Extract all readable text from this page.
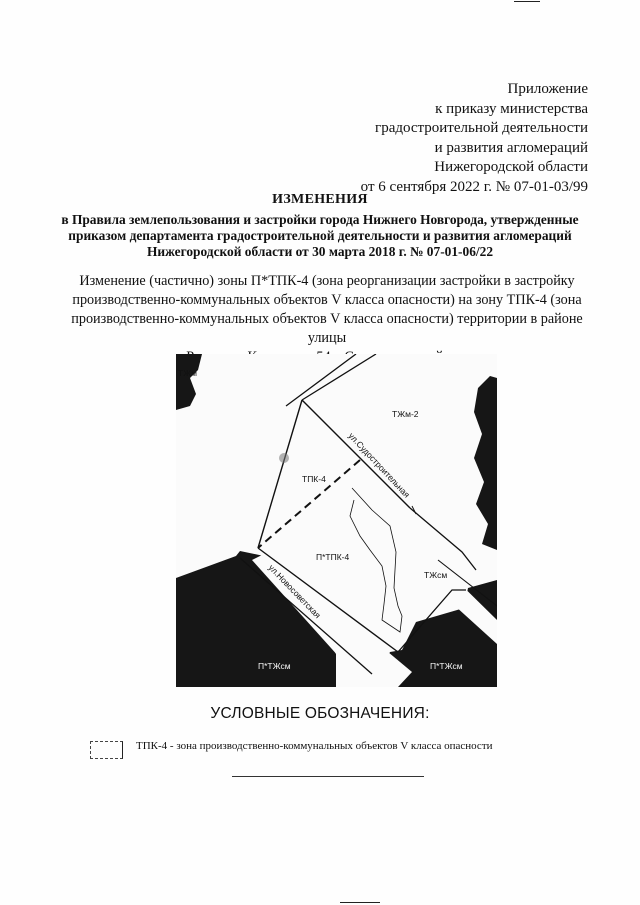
Приложение
к приказу министерства
градостроительной деятельности
и развития агломераций
Нижегородской области
от 6 сентября 2022 г. № 07-01-03/99
ИЗМЕНЕНИЯ
в Правила землепользования и застройки города Нижнего Новгорода, утвержденные
приказом департамента градостроительной деятельности и развития агломераций
Нижегородской области от 30 марта 2018 г. № 07-01-06/22
Изменение (частично) зоны П*ТПК-4 (зона реорганизации застройки в застройку
производственно-коммунальных объектов V класса опасности) на зону ТПК-4 (зона
производственно-коммунальных объектов V класса опасности) территории в районе улицы
ТЖм
ТЖм-2
ул.Судостроительная
ТПК-4
П*ТПК-4
ТЖсм
ул.Новосоветская
П*ТЖсм	П*ТЖсм
УСЛОВНЫЕ ОБОЗНАЧЕНИЯ:
ТПК-4 - зона производственно-коммунальных объектов V класса опасности
